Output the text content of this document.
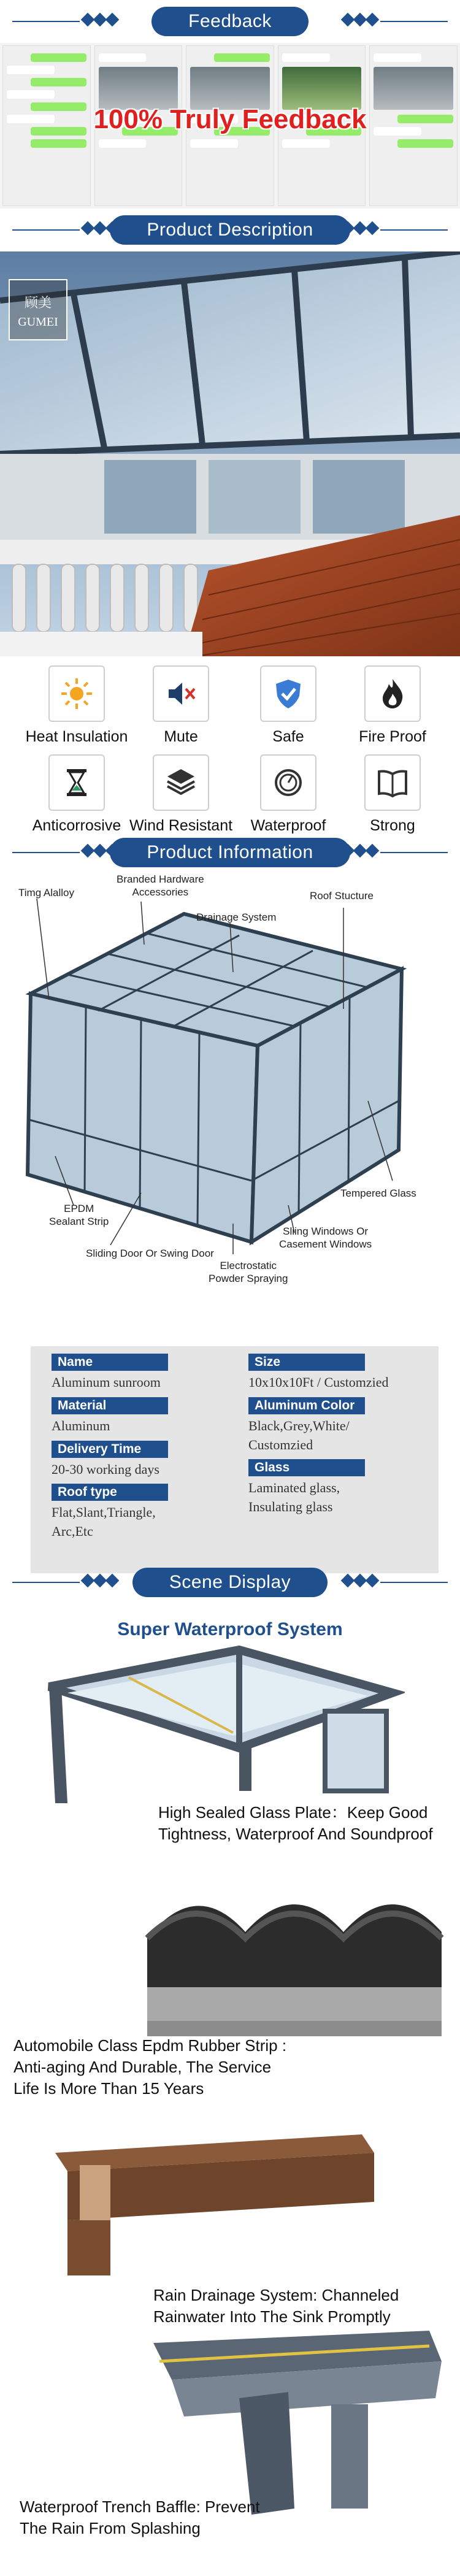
Feedback
100% Truly Feedback
Product Description
顾美
GUMEI
Heat Insulation	Mute	Safe	Fire Proof
Anticorrosive Wind Resistant	Waterproof	Strong
Product Information
Timg Alalloy
Branded Hardware
Accessories
Drainage System
Roof Stucture
Tempered Glass
EPDM
Sealant Strip
Sliding Door Or Swing Door
Sliing Windows Or
Casement Windows
Electrostatic
Powder Spraying
Name
Aluminum sunroom
Material
Aluminum
Delivery Time
20-30 working days
Roof type
Flat,Slant,Triangle,
Arc,Etc
Size
10x10x10Ft / Customzied
Aluminum Color
Black,Grey,White/
Customzied
Glass
Laminated glass,
Insulating glass
Scene Display
Super Waterproof System
High Sealed Glass Plate：Keep Good
Tightness, Waterproof And Soundproof
Automobile Class Epdm Rubber Strip :
Anti-aging And Durable, The Service
Life Is More Than 15 Years
Rain Drainage System: Channeled
Rainwater Into The Sink Promptly
Waterproof Trench Baffle: Prevent
The Rain From Splashing
